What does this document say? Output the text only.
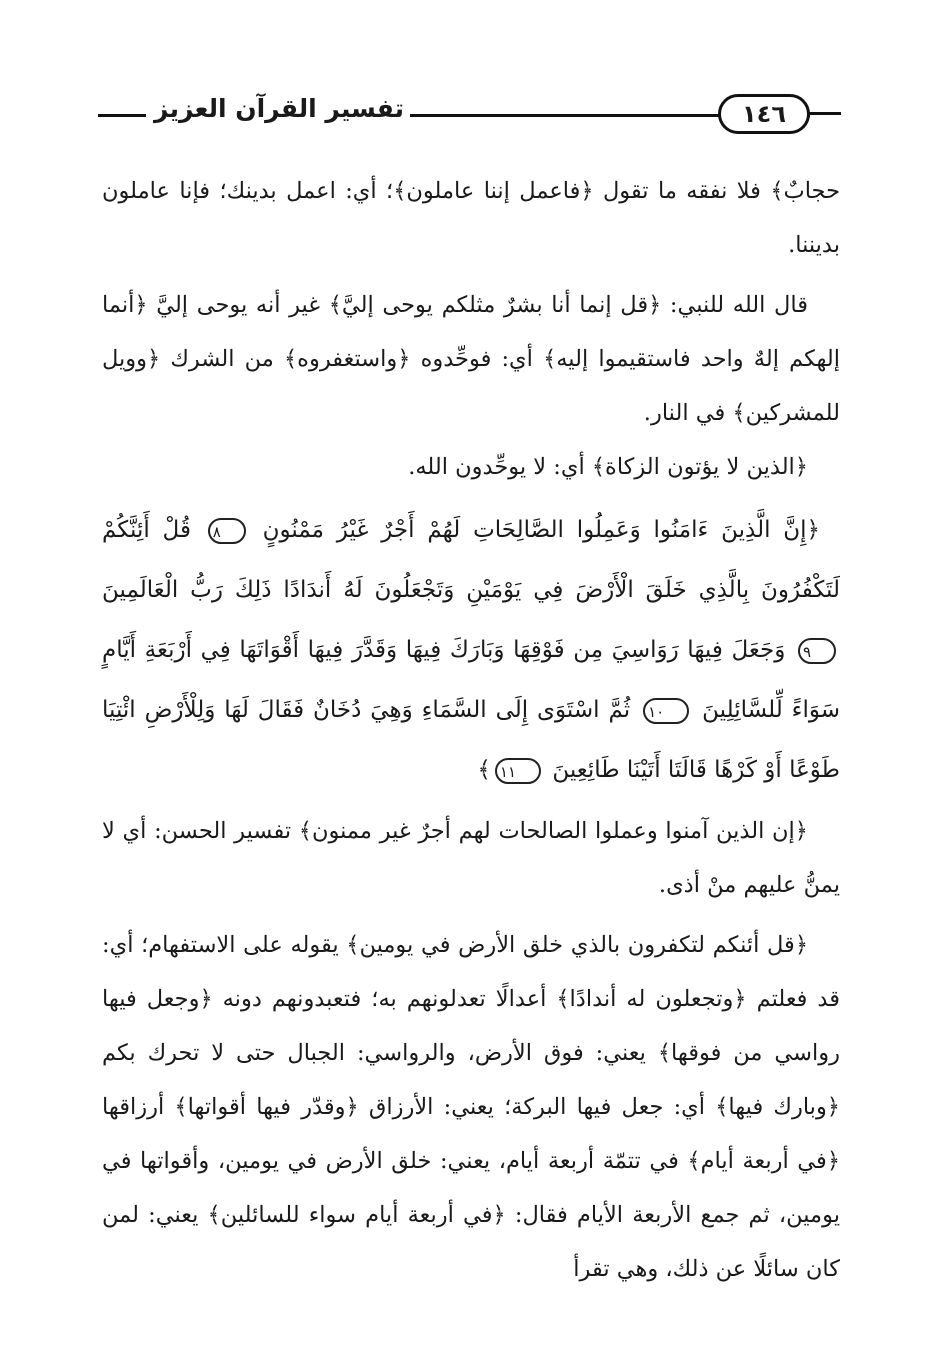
تفسير القرآن العزيز	١٤٦

حجابٌ﴾ فلا نفقه ما تقول ﴿فاعمل إننا عاملون﴾؛ أي: اعمل بدينك؛ فإنا عاملون بديننا.

قال الله للنبي: ﴿قل إنما أنا بشرٌ مثلكم يوحى إليَّ﴾ غير أنه يوحى إليَّ ﴿أنما إلهكم إلهٌ واحد فاستقيموا إليه﴾ أي: فوحِّدوه ﴿واستغفروه﴾ من الشرك ﴿وويل للمشركين﴾ في النار.

﴿الذين لا يؤتون الزكاة﴾ أي: لا يوحِّدون الله.

﴿إِنَّ الَّذِينَ ءَامَنُوا وَعَمِلُوا الصَّالِحَاتِ لَهُمْ أَجْرٌ غَيْرُ مَمْنُونٍ ٨ قُلْ أَئِنَّكُمْ لَتَكْفُرُونَ بِالَّذِي خَلَقَ الْأَرْضَ فِي يَوْمَيْنِ وَتَجْعَلُونَ لَهُ أَندَادًا ذَلِكَ رَبُّ الْعَالَمِينَ ٩ وَجَعَلَ فِيهَا رَوَاسِيَ مِن فَوْقِهَا وَبَارَكَ فِيهَا وَقَدَّرَ فِيهَا أَقْوَاتَهَا فِي أَرْبَعَةِ أَيَّامٍ سَوَاءً لِّلسَّائِلِينَ ١٠ ثُمَّ اسْتَوَى إِلَى السَّمَاءِ وَهِيَ دُخَانٌ فَقَالَ لَهَا وَلِلْأَرْضِ ائْتِيَا طَوْعًا أَوْ كَرْهًا قَالَتَا أَتَيْنَا طَائِعِينَ ١١﴾

﴿إن الذين آمنوا وعملوا الصالحات لهم أجرٌ غير ممنون﴾ تفسير الحسن: أي لا يمنُّ عليهم منْ أذى.

﴿قل أئنكم لتكفرون بالذي خلق الأرض في يومين﴾ يقوله على الاستفهام؛ أي: قد فعلتم ﴿وتجعلون له أندادًا﴾ أعدالًا تعدلونهم به؛ فتعبدونهم دونه ﴿وجعل فيها رواسي من فوقها﴾ يعني: فوق الأرض، والرواسي: الجبال حتى لا تحرك بكم ﴿وبارك فيها﴾ أي: جعل فيها البركة؛ يعني: الأرزاق ﴿وقدّر فيها أقواتها﴾ أرزاقها ﴿في أربعة أيام﴾ في تتمّة أربعة أيام، يعني: خلق الأرض في يومين، وأقواتها في يومين، ثم جمع الأربعة الأيام فقال: ﴿في أربعة أيام سواء للسائلين﴾ يعني: لمن كان سائلًا عن ذلك، وهي تقرأ
